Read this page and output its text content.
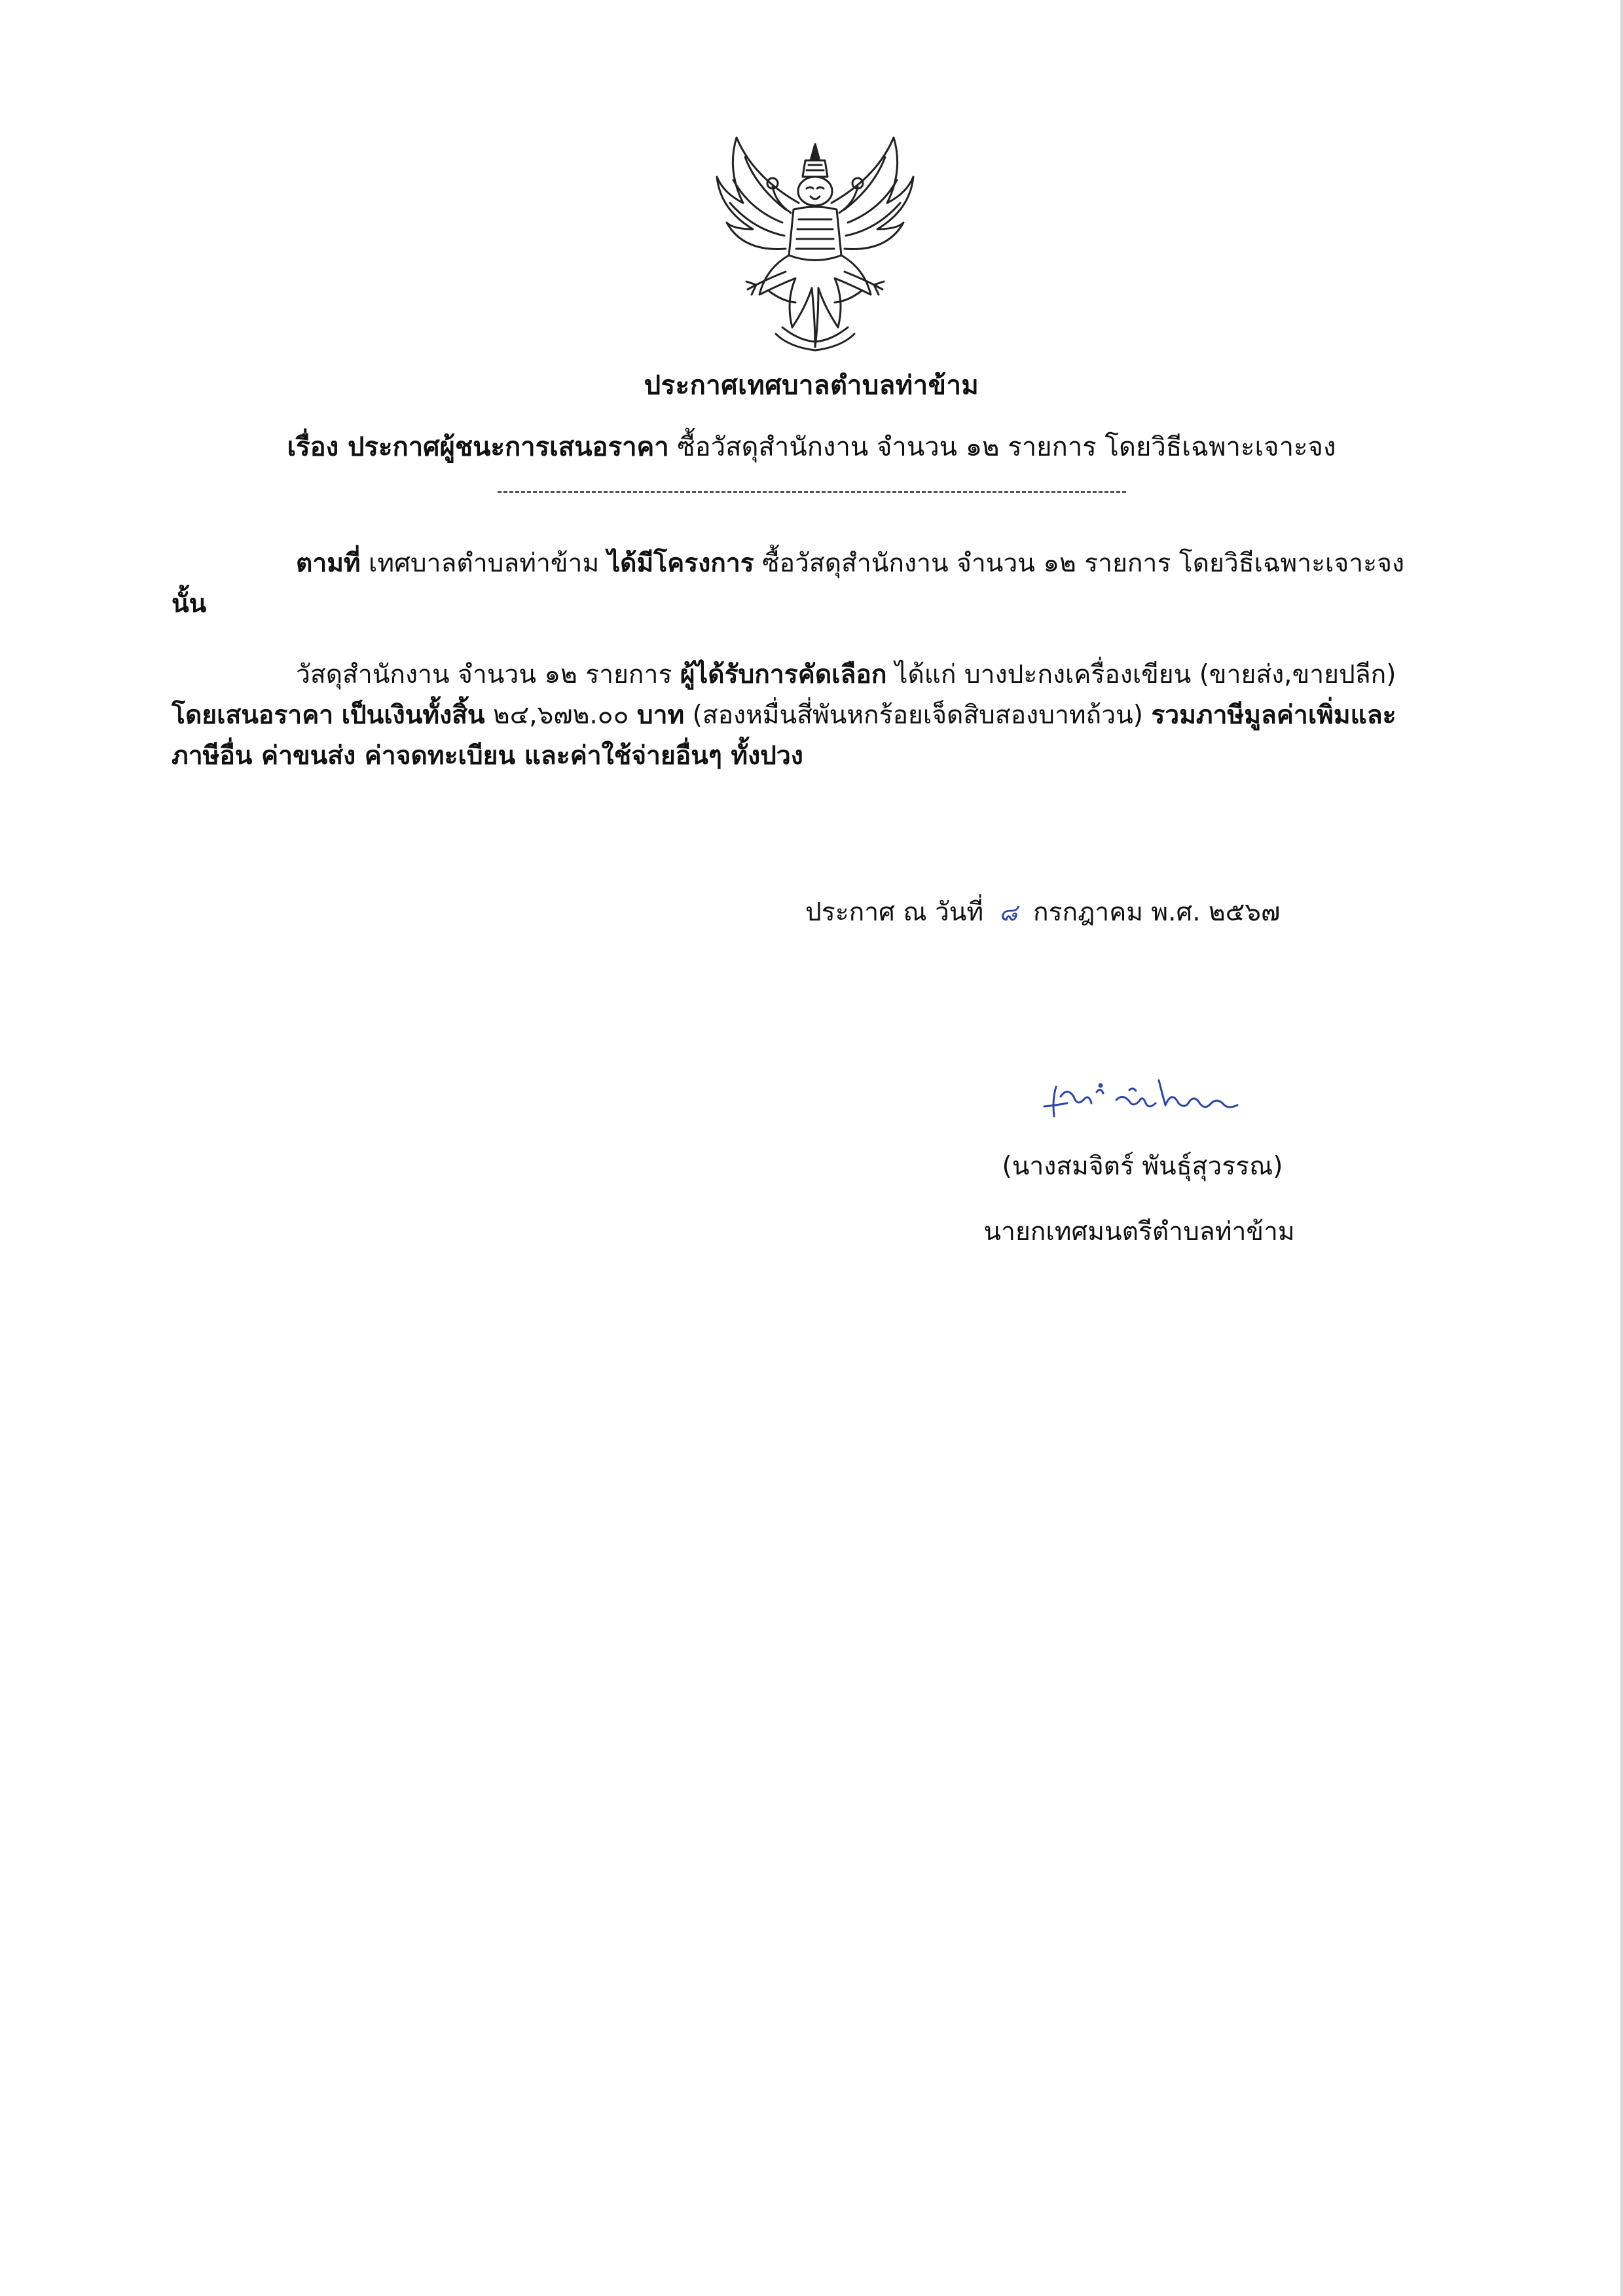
ประกาศเทศบาลตำบลท่าข้าม
เรื่อง ประกาศผู้ชนะการเสนอราคา ซื้อวัสดุสำนักงาน จำนวน ๑๒ รายการ โดยวิธีเฉพาะเจาะจง
ตามที่ เทศบาลตำบลท่าข้าม ได้มีโครงการ ซื้อวัสดุสำนักงาน จำนวน ๑๒ รายการ โดยวิธีเฉพาะเจาะจง นั้น
วัสดุสำนักงาน จำนวน ๑๒ รายการ ผู้ได้รับการคัดเลือก ได้แก่ บางปะกงเครื่องเขียน (ขายส่ง,ขายปลีก) โดยเสนอราคา เป็นเงินทั้งสิ้น ๒๔,๖๗๒.๐๐ บาท (สองหมื่นสี่พันหกร้อยเจ็ดสิบสองบาทถ้วน) รวมภาษีมูลค่าเพิ่มและภาษีอื่น ค่าขนส่ง ค่าจดทะเบียน และค่าใช้จ่ายอื่นๆ ทั้งปวง
ประกาศ ณ วันที่ ๘ กรกฎาคม พ.ศ. ๒๕๖๗
(นางสมจิตร์ พันธุ์สุวรรณ)
นายกเทศมนตรีตำบลท่าข้าม
